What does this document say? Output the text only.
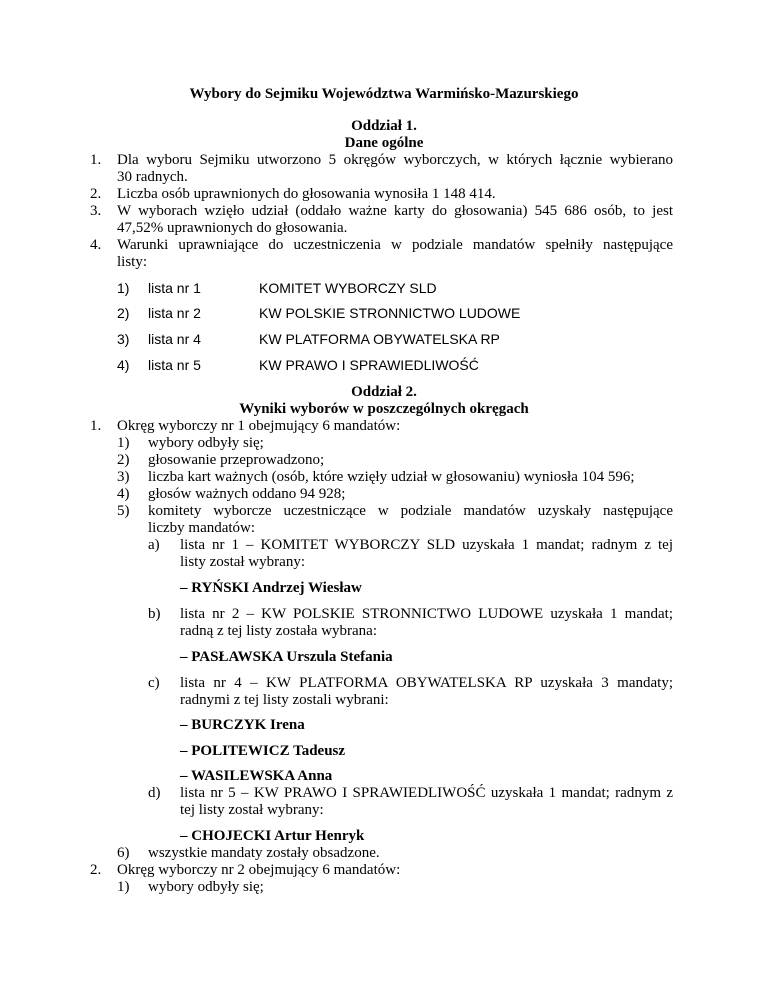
Wybory do Sejmiku Województwa Warmińsko-Mazurskiego
Oddział 1.
Dane ogólne
1. Dla wyboru Sejmiku utworzono 5 okręgów wyborczych, w których łącznie wybierano
30 radnych.
2. Liczba osób uprawnionych do głosowania wynosiła 1 148 414.
3. W wyborach wzięło udział (oddało ważne karty do głosowania) 545 686 osób, to jest
47,52% uprawnionych do głosowania.
4. Warunki uprawniające do uczestniczenia w podziale mandatów spełniły następujące
listy:
1) lista nr 1	KOMITET WYBORCZY SLD
2) lista nr 2	KW POLSKIE STRONNICTWO LUDOWE
3) lista nr 4	KW PLATFORMA OBYWATELSKA RP
4) lista nr 5	KW PRAWO I SPRAWIEDLIWOŚĆ
Oddział 2.
Wyniki wyborów w poszczególnych okręgach
1. Okręg wyborczy nr 1 obejmujący 6 mandatów:
1) wybory odbyły się;
2) głosowanie przeprowadzono;
3) liczba kart ważnych (osób, które wzięły udział w głosowaniu) wyniosła 104 596;
4) głosów ważnych oddano 94 928;
5) komitety wyborcze uczestniczące w podziale mandatów uzyskały następujące
liczby mandatów:
a) lista nr 1 – KOMITET WYBORCZY SLD uzyskała 1 mandat; radnym z tej
listy został wybrany:
– RYŃSKI Andrzej Wiesław
b) lista nr 2 – KW POLSKIE STRONNICTWO LUDOWE uzyskała 1 mandat;
radną z tej listy została wybrana:
– PASŁAWSKA Urszula Stefania
c) lista nr 4 – KW PLATFORMA OBYWATELSKA RP uzyskała 3 mandaty;
radnymi z tej listy zostali wybrani:
– BURCZYK Irena
– POLITEWICZ Tadeusz
– WASILEWSKA Anna
d) lista nr 5 – KW PRAWO I SPRAWIEDLIWOŚĆ uzyskała 1 mandat; radnym z
tej listy został wybrany:
– CHOJECKI Artur Henryk
6) wszystkie mandaty zostały obsadzone.
2. Okręg wyborczy nr 2 obejmujący 6 mandatów:
1) wybory odbyły się;
